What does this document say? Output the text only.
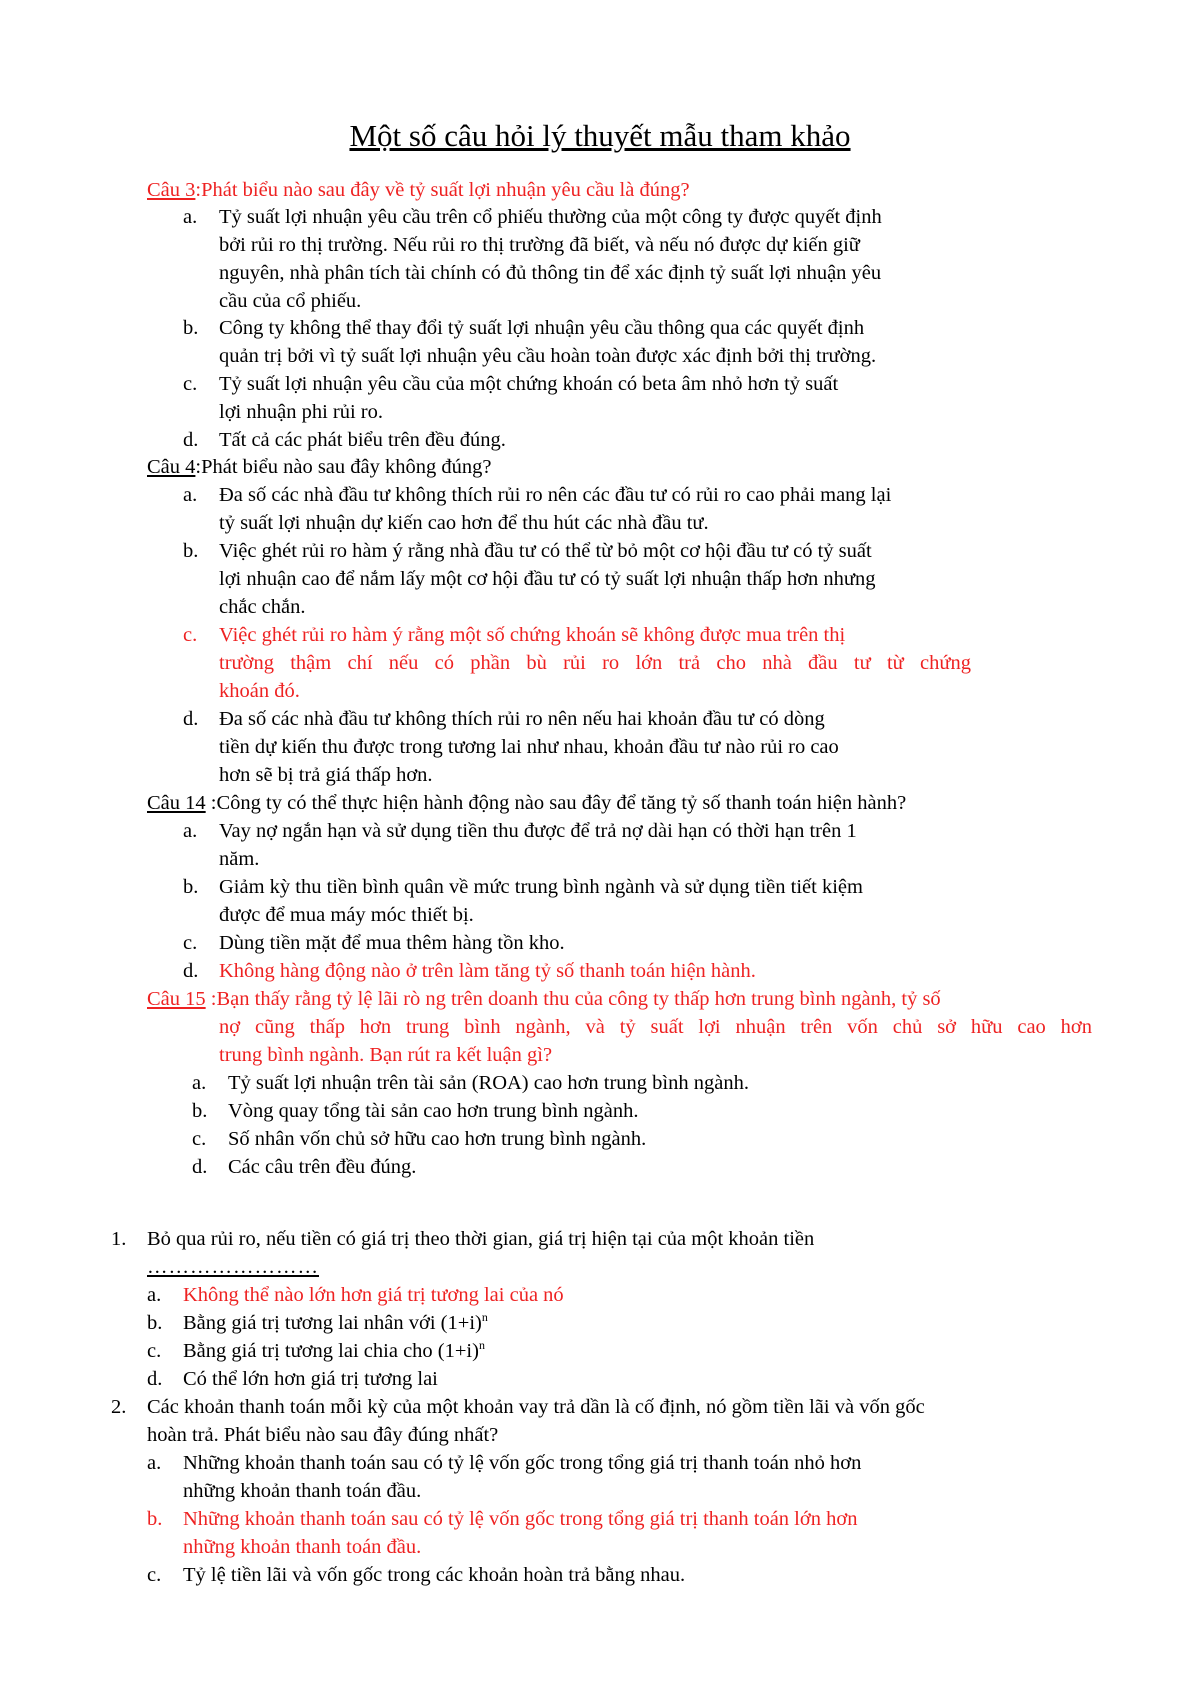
Một số câu hỏi lý thuyết mẫu tham khảo
Câu 3:Phát biểu nào sau đây về tỷ suất lợi nhuận yêu cầu là đúng?
a. Tỷ suất lợi nhuận yêu cầu trên cổ phiếu thường của một công ty được quyết định
bởi rủi ro thị trường. Nếu rủi ro thị trường đã biết, và nếu nó được dự kiến giữ
nguyên, nhà phân tích tài chính có đủ thông tin để xác định tỷ suất lợi nhuận yêu
cầu của cổ phiếu.
b. Công ty không thể thay đổi tỷ suất lợi nhuận yêu cầu thông qua các quyết định
quản trị bởi vì tỷ suất lợi nhuận yêu cầu hoàn toàn được xác định bởi thị trường.
c. Tỷ suất lợi nhuận yêu cầu của một chứng khoán có beta âm nhỏ hơn tỷ suất
lợi nhuận phi rủi ro.
d. Tất cả các phát biểu trên đều đúng.
Câu 4:Phát biểu nào sau đây không đúng?
a. Đa số các nhà đầu tư không thích rủi ro nên các đầu tư có rủi ro cao phải mang lại
tỷ suất lợi nhuận dự kiến cao hơn để thu hút các nhà đầu tư.
b. Việc ghét rủi ro hàm ý rằng nhà đầu tư có thể từ bỏ một cơ hội đầu tư có tỷ suất
lợi nhuận cao để nắm lấy một cơ hội đầu tư có tỷ suất lợi nhuận thấp hơn nhưng
chắc chắn.
c. Việc ghét rủi ro hàm ý rằng một số chứng khoán sẽ không được mua trên thị
trường thậm chí nếu có phần bù rủi ro lớn trả cho nhà đầu tư từ chứng
khoán đó.
d. Đa số các nhà đầu tư không thích rủi ro nên nếu hai khoản đầu tư có dòng
tiền dự kiến thu được trong tương lai như nhau, khoản đầu tư nào rủi ro cao
hơn sẽ bị trả giá thấp hơn.
Câu 14 :Công ty có thể thực hiện hành động nào sau đây để tăng tỷ số thanh toán hiện hành?
a. Vay nợ ngắn hạn và sử dụng tiền thu được để trả nợ dài hạn có thời hạn trên 1
năm.
b. Giảm kỳ thu tiền bình quân về mức trung bình ngành và sử dụng tiền tiết kiệm
được để mua máy móc thiết bị.
c. Dùng tiền mặt để mua thêm hàng tồn kho.
d. Không hàng động nào ở trên làm tăng tỷ số thanh toán hiện hành.
Câu 15 :Bạn thấy rằng tỷ lệ lãi rò ng trên doanh thu của công ty thấp hơn trung bình ngành, tỷ số
nợ cũng thấp hơn trung bình ngành, và tỷ suất lợi nhuận trên vốn chủ sở hữu cao hơn
trung bình ngành. Bạn rút ra kết luận gì?
a. Tỷ suất lợi nhuận trên tài sản (ROA) cao hơn trung bình ngành.
b. Vòng quay tổng tài sản cao hơn trung bình ngành.
c. Số nhân vốn chủ sở hữu cao hơn trung bình ngành.
d. Các câu trên đều đúng.
1. Bỏ qua rủi ro, nếu tiền có giá trị theo thời gian, giá trị hiện tại của một khoản tiền
……………………
a. Không thể nào lớn hơn giá trị tương lai của nó
b. Bằng giá trị tương lai nhân với $(1+i)^n$
c. Bằng giá trị tương lai chia cho $(1+i)^n$
d. Có thể lớn hơn giá trị tương lai
2. Các khoản thanh toán mỗi kỳ của một khoản vay trả dần là cố định, nó gồm tiền lãi và vốn gốc
hoàn trả. Phát biểu nào sau đây đúng nhất?
a. Những khoản thanh toán sau có tỷ lệ vốn gốc trong tổng giá trị thanh toán nhỏ hơn
những khoản thanh toán đầu.
b. Những khoản thanh toán sau có tỷ lệ vốn gốc trong tổng giá trị thanh toán lớn hơn
những khoản thanh toán đầu.
c. Tỷ lệ tiền lãi và vốn gốc trong các khoản hoàn trả bằng nhau.
